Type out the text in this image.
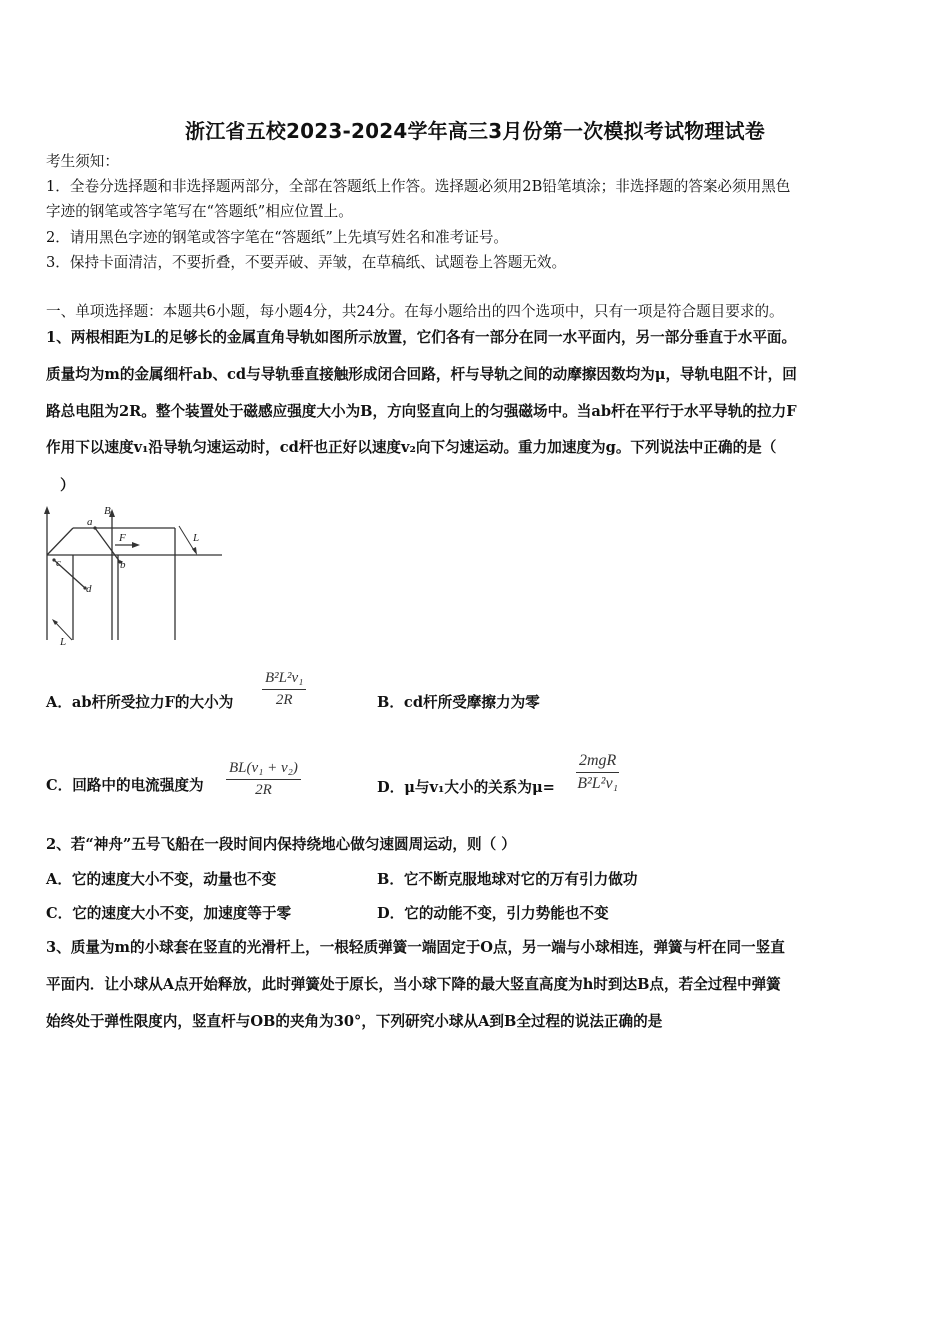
浙江省五校2023-2024学年高三3月份第一次模拟考试物理试卷
考生须知：
1．全卷分选择题和非选择题两部分，全部在答题纸上作答。选择题必须用2B铅笔填涂；非选择题的答案必须用黑色
字迹的钢笔或答字笔写在“答题纸”相应位置上。
2．请用黑色字迹的钢笔或答字笔在“答题纸”上先填写姓名和准考证号。
3．保持卡面清洁，不要折叠，不要弄破、弄皱，在草稿纸、试题卷上答题无效。
一、单项选择题：本题共6小题，每小题4分，共24分。在每小题给出的四个选项中，只有一项是符合题目要求的。
1、两根相距为L的足够长的金属直角导轨如图所示放置，它们各有一部分在同一水平面内，另一部分垂直于水平面。
质量均为m的金属细杆ab、cd与导轨垂直接触形成闭合回路，杆与导轨之间的动摩擦因数均为μ，导轨电阻不计，回
路总电阻为2R。整个装置处于磁感应强度大小为B，方向竖直向上的匀强磁场中。当ab杆在平行于水平导轨的拉力F
作用下以速度v₁沿导轨匀速运动时，cd杆也正好以速度v₂向下匀速运动。重力加速度为g。下列说法中正确的是（
）
a
b
c
d
B
F	L
L
A．ab杆所受拉力F的大小为 $\frac{\text{B²L²v₁}}{2R}$	B．cd杆所受摩擦力为零
C．回路中的电流强度为 $\frac{\text{BL(v₁ + v₂)}}{2R}$	D．μ与v₁大小的关系为μ=
2mgR
B²L²v₁
2、若“神舟”五号飞船在一段时间内保持绕地心做匀速圆周运动，则（ ）
A．它的速度大小不变，动量也不变	B．它不断克服地球对它的万有引力做功
C．它的速度大小不变，加速度等于零	D．它的动能不变，引力势能也不变
3、质量为m的小球套在竖直的光滑杆上，一根轻质弹簧一端固定于O点，另一端与小球相连，弹簧与杆在同一竖直
平面内．让小球从A点开始释放，此时弹簧处于原长，当小球下降的最大竖直高度为h时到达B点，若全过程中弹簧
始终处于弹性限度内，竖直杆与OB的夹角为30°，下列研究小球从A到B全过程的说法正确的是
